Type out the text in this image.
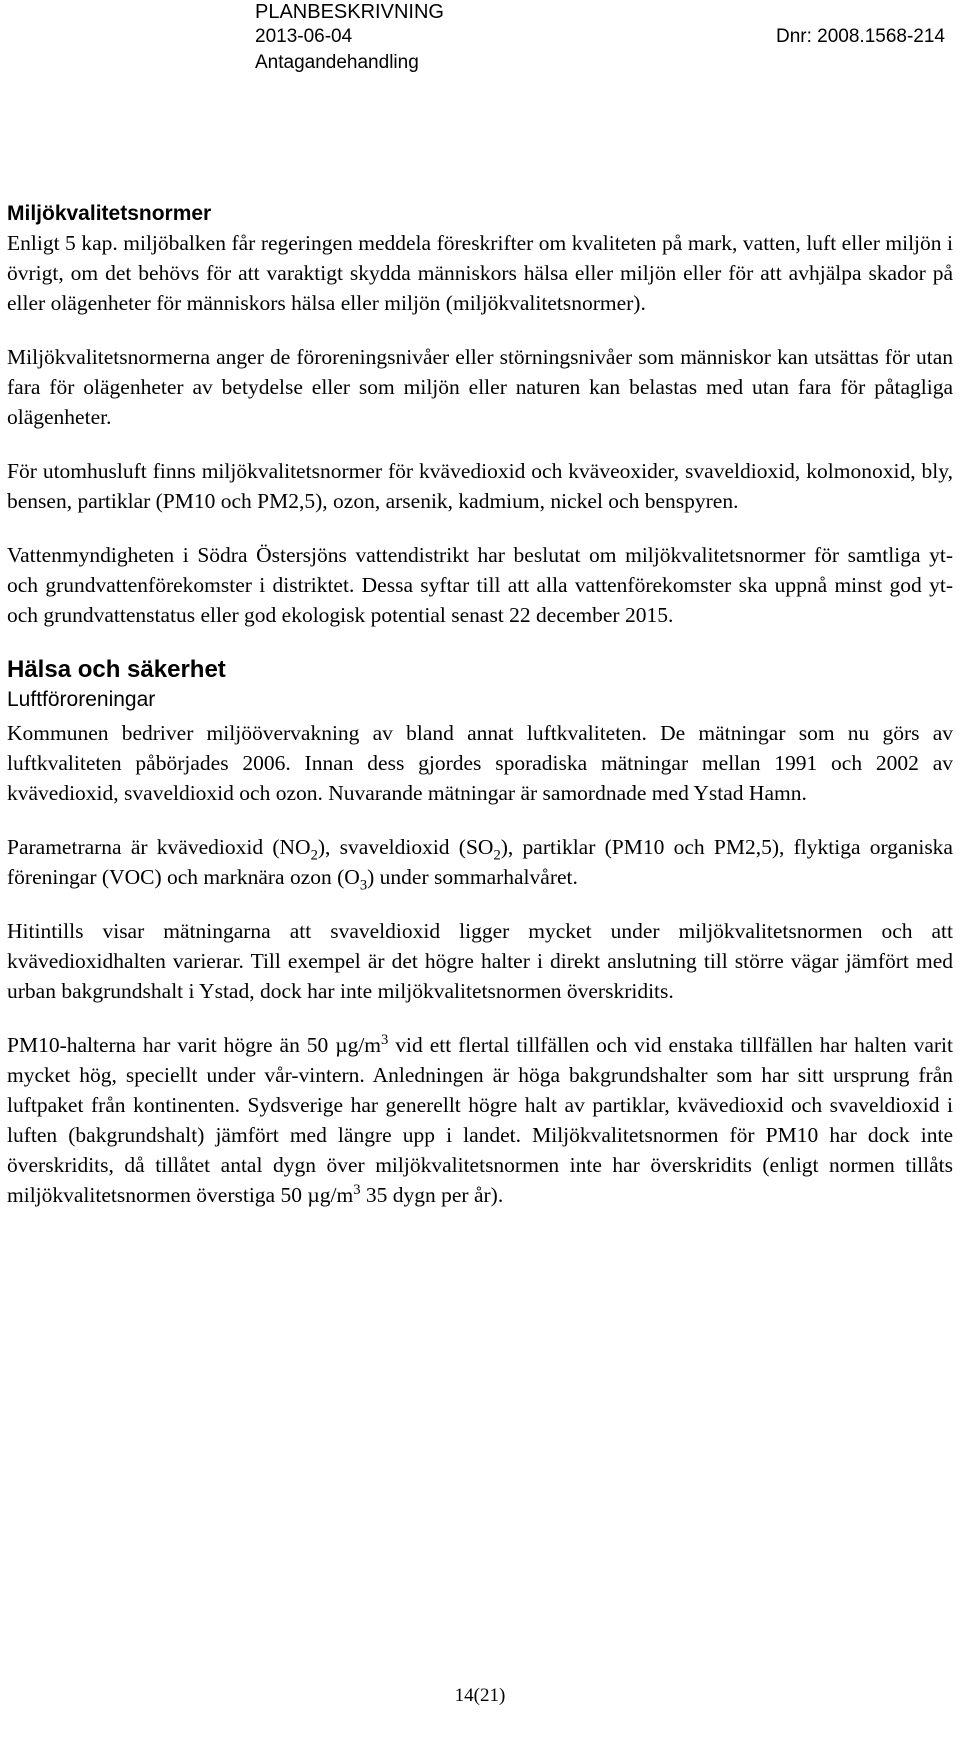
PLANBESKRIVNING
2013-06-04	Dnr: 2008.1568-214
Antagandehandling
Miljökvalitetsnormer

Enligt 5 kap. miljöbalken får regeringen meddela föreskrifter om kvaliteten på mark, vatten, luft eller miljön i övrigt, om det behövs för att varaktigt skydda människors hälsa eller miljön eller för att avhjälpa skador på eller olägenheter för människors hälsa eller miljön (miljökvalitetsnormer).

Miljökvalitetsnormerna anger de föroreningsnivåer eller störningsnivåer som människor kan utsättas för utan fara för olägenheter av betydelse eller som miljön eller naturen kan belastas med utan fara för påtagliga olägenheter.

För utomhusluft finns miljökvalitetsnormer för kvävedioxid och kväveoxider, svaveldioxid, kolmonoxid, bly, bensen, partiklar (PM10 och PM2,5), ozon, arsenik, kadmium, nickel och benspyren.

Vattenmyndigheten i Södra Östersjöns vattendistrikt har beslutat om miljökvalitetsnormer för samtliga yt- och grundvattenförekomster i distriktet. Dessa syftar till att alla vattenförekomster ska uppnå minst god yt- och grundvattenstatus eller god ekologisk potential senast 22 december 2015.

Hälsa och säkerhet
Luftföroreningar

Kommunen bedriver miljöövervakning av bland annat luftkvaliteten. De mätningar som nu görs av luftkvaliteten påbörjades 2006. Innan dess gjordes sporadiska mätningar mellan 1991 och 2002 av kvävedioxid, svaveldioxid och ozon. Nuvarande mätningar är samordnade med Ystad Hamn.

Parametrarna är kvävedioxid $(NO_2)$, svaveldioxid $(SO_2)$, partiklar (PM10 och PM2,5), flyktiga organiska föreningar (VOC) och marknära ozon $(O_3)$ under sommarhalvåret.

Hitintills visar mätningarna att svaveldioxid ligger mycket under miljökvalitetsnormen och att kvävedioxidhalten varierar. Till exempel är det högre halter i direkt anslutning till större vägar jämfört med urban bakgrundshalt i Ystad, dock har inte miljökvalitetsnormen överskridits.

PM10-halterna har varit högre än 50 $\mu g/m^3$ vid ett flertal tillfällen och vid enstaka tillfällen har halten varit mycket hög, speciellt under vår-vintern. Anledningen är höga bakgrundshalter som har sitt ursprung från luftpaket från kontinenten. Sydsverige har generellt högre halt av partiklar, kvävedioxid och svaveldioxid i luften (bakgrundshalt) jämfört med längre upp i landet. Miljökvalitetsnormen för PM10 har dock inte överskridits, då tillåtet antal dygn över miljökvalitetsnormen inte har överskridits (enligt normen tillåts miljökvalitetsnormen överstiga 50 $\mu g/m^3$ 35 dygn per år).

14(21)
